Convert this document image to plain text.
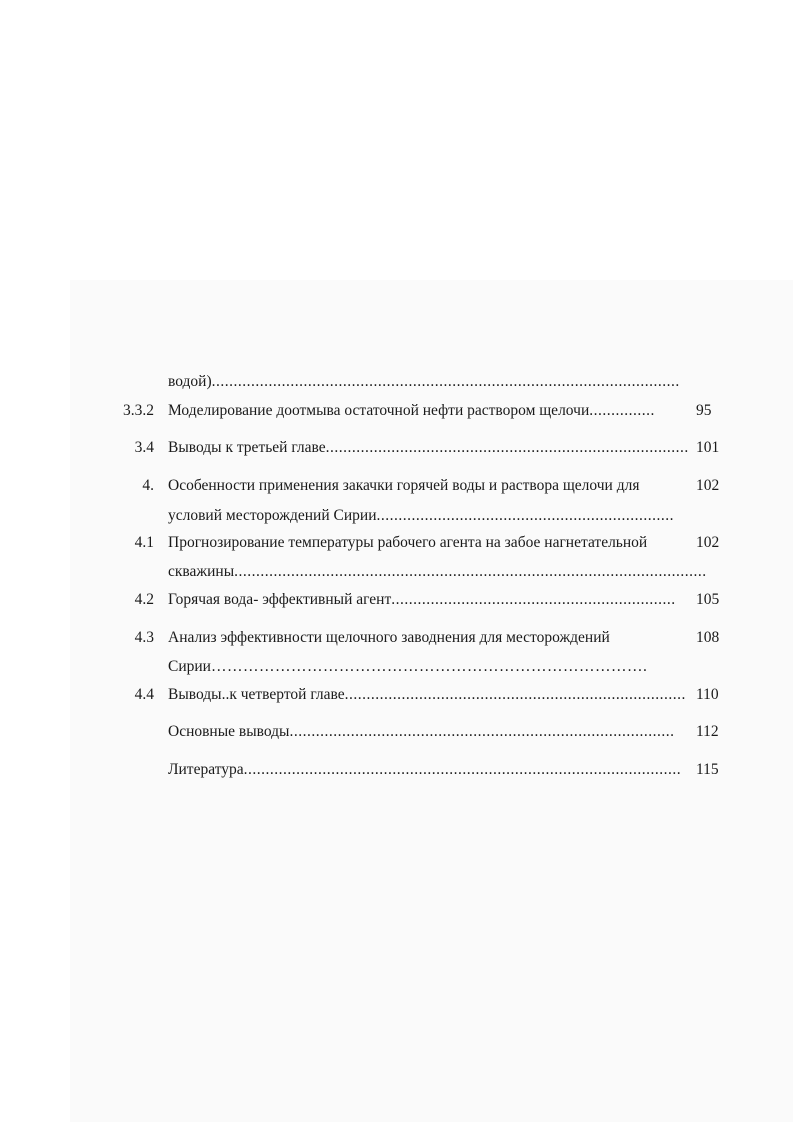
водой)...........................................................................................................
3.3.2 Моделирование доотмыва остаточной нефти раствором щелочи...............	95
3.4 Выводы к третьей главе................................................................................... 101
4. Особенности применения закачки горячей воды и раствора щелочи для	102
условий месторождений Сирии....................................................................
4.1 Прогнозирование температуры рабочего агента на забое нагнетательной	102
скважины............................................................................................................
4.2 Горячая вода- эффективный агент................................................................. 105
4.3 Анализ эффективности щелочного заводнения для месторождений	108
Сирии……………………………………………………………………….
4.4 Выводы..к четвертой главе.............................................................................. 110
Основные выводы........................................................................................ 112
Литература.................................................................................................... 115
